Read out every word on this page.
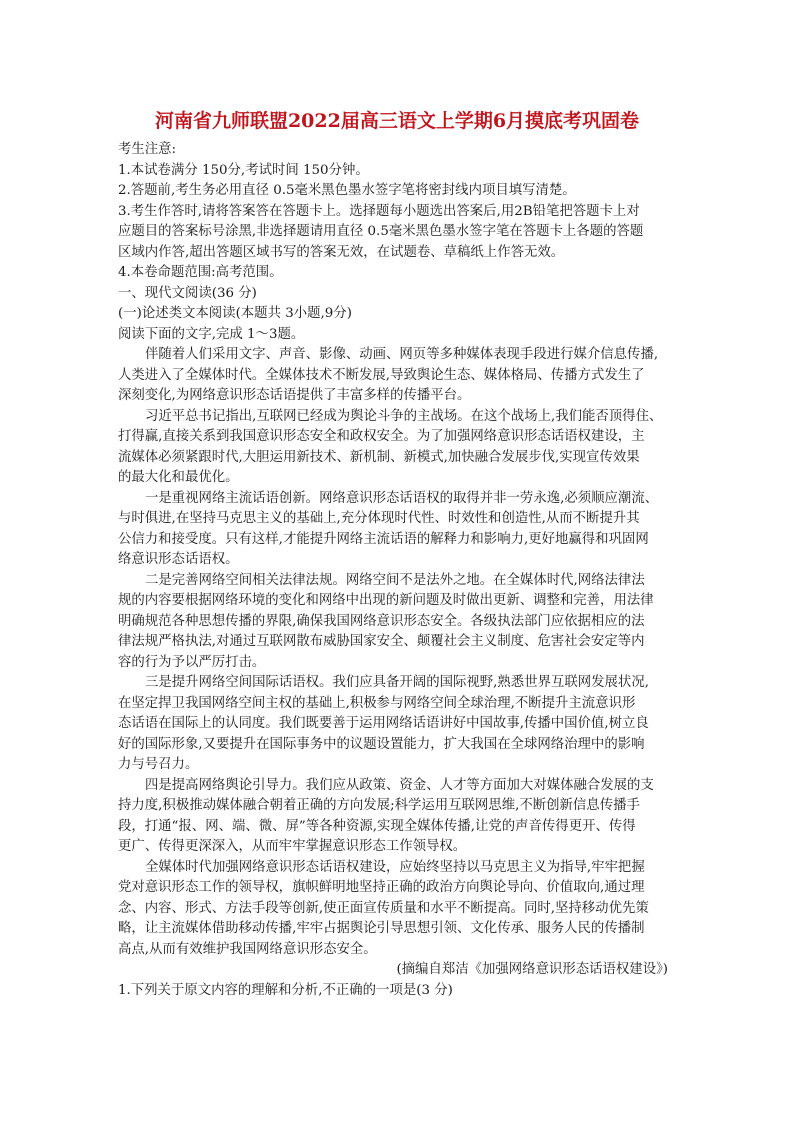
河南省九师联盟2022届高三语文上学期6月摸底考巩固卷
考生注意:
1.本试卷满分 150分,考试时间 150分钟。
2.答题前,考生务必用直径 0.5毫米黑色墨水签字笔将密封线内项目填写清楚。
3.考生作答时,请将答案答在答题卡上。选择题每小题选出答案后,用2B铅笔把答题卡上对
应题目的答案标号涂黑,非选择题请用直径 0.5毫米黑色墨水签字笔在答题卡上各题的答题
区域内作答,超出答题区域书写的答案无效，在试题卷、草稿纸上作答无效。
4.本卷命题范围:高考范围。
一、现代文阅读(36 分)
(一)论述类文本阅读(本题共 3小题,9分)
阅读下面的文字,完成 1～3题。
伴随着人们采用文字、声音、影像、动画、网页等多种媒体表现手段进行媒介信息传播,
人类进入了全媒体时代。全媒体技术不断发展,导致舆论生态、媒体格局、传播方式发生了
深刻变化,为网络意识形态话语提供了丰富多样的传播平台。
习近平总书记指出,互联网已经成为舆论斗争的主战场。在这个战场上,我们能否顶得住、
打得赢,直接关系到我国意识形态安全和政权安全。为了加强网络意识形态话语权建设，主
流媒体必须紧跟时代,大胆运用新技术、新机制、新模式,加快融合发展步伐,实现宣传效果
的最大化和最优化。
一是重视网络主流话语创新。网络意识形态话语权的取得并非一劳永逸,必须顺应潮流、
与时俱进,在坚持马克思主义的基础上,充分体现时代性、时效性和创造性,从而不断提升其
公信力和接受度。只有这样,才能提升网络主流话语的解释力和影响力,更好地赢得和巩固网
络意识形态话语权。
二是完善网络空间相关法律法规。网络空间不是法外之地。在全媒体时代,网络法律法
规的内容要根据网络环境的变化和网络中出现的新问题及时做出更新、调整和完善，用法律
明确规范各种思想传播的界限,确保我国网络意识形态安全。各级执法部门应依据相应的法
律法规严格执法,对通过互联网散布威胁国家安全、颠覆社会主义制度、危害社会安定等内
容的行为予以严厉打击。
三是提升网络空间国际话语权。我们应具备开阔的国际视野,熟悉世界互联网发展状况,
在坚定捍卫我国网络空间主权的基础上,积极参与网络空间全球治理,不断提升主流意识形
态话语在国际上的认同度。我们既要善于运用网络话语讲好中国故事,传播中国价值,树立良
好的国际形象,又要提升在国际事务中的议题设置能力，扩大我国在全球网络治理中的影响
力与号召力。
四是提高网络舆论引导力。我们应从政策、资金、人才等方面加大对媒体融合发展的支
持力度,积极推动媒体融合朝着正确的方向发展;科学运用互联网思维,不断创新信息传播手
段，打通“报、网、端、微、屏”等各种资源,实现全媒体传播,让党的声音传得更开、传得
更广、传得更深深入，从而牢牢掌握意识形态工作领导权。
全媒体时代加强网络意识形态话语权建设，应始终坚持以马克思主义为指导,牢牢把握
党对意识形态工作的领导权，旗帜鲜明地坚持正确的政治方向舆论导向、价值取向,通过理
念、内容、形式、方法手段等创新,使正面宣传质量和水平不断提高。同时,坚持移动优先策
略，让主流媒体借助移动传播,牢牢占据舆论引导思想引领、文化传承、服务人民的传播制
高点,从而有效维护我国网络意识形态安全。
(摘编自郑洁《加强网络意识形态话语权建设》)
1.下列关于原文内容的理解和分析,不正确的一项是(3 分)
